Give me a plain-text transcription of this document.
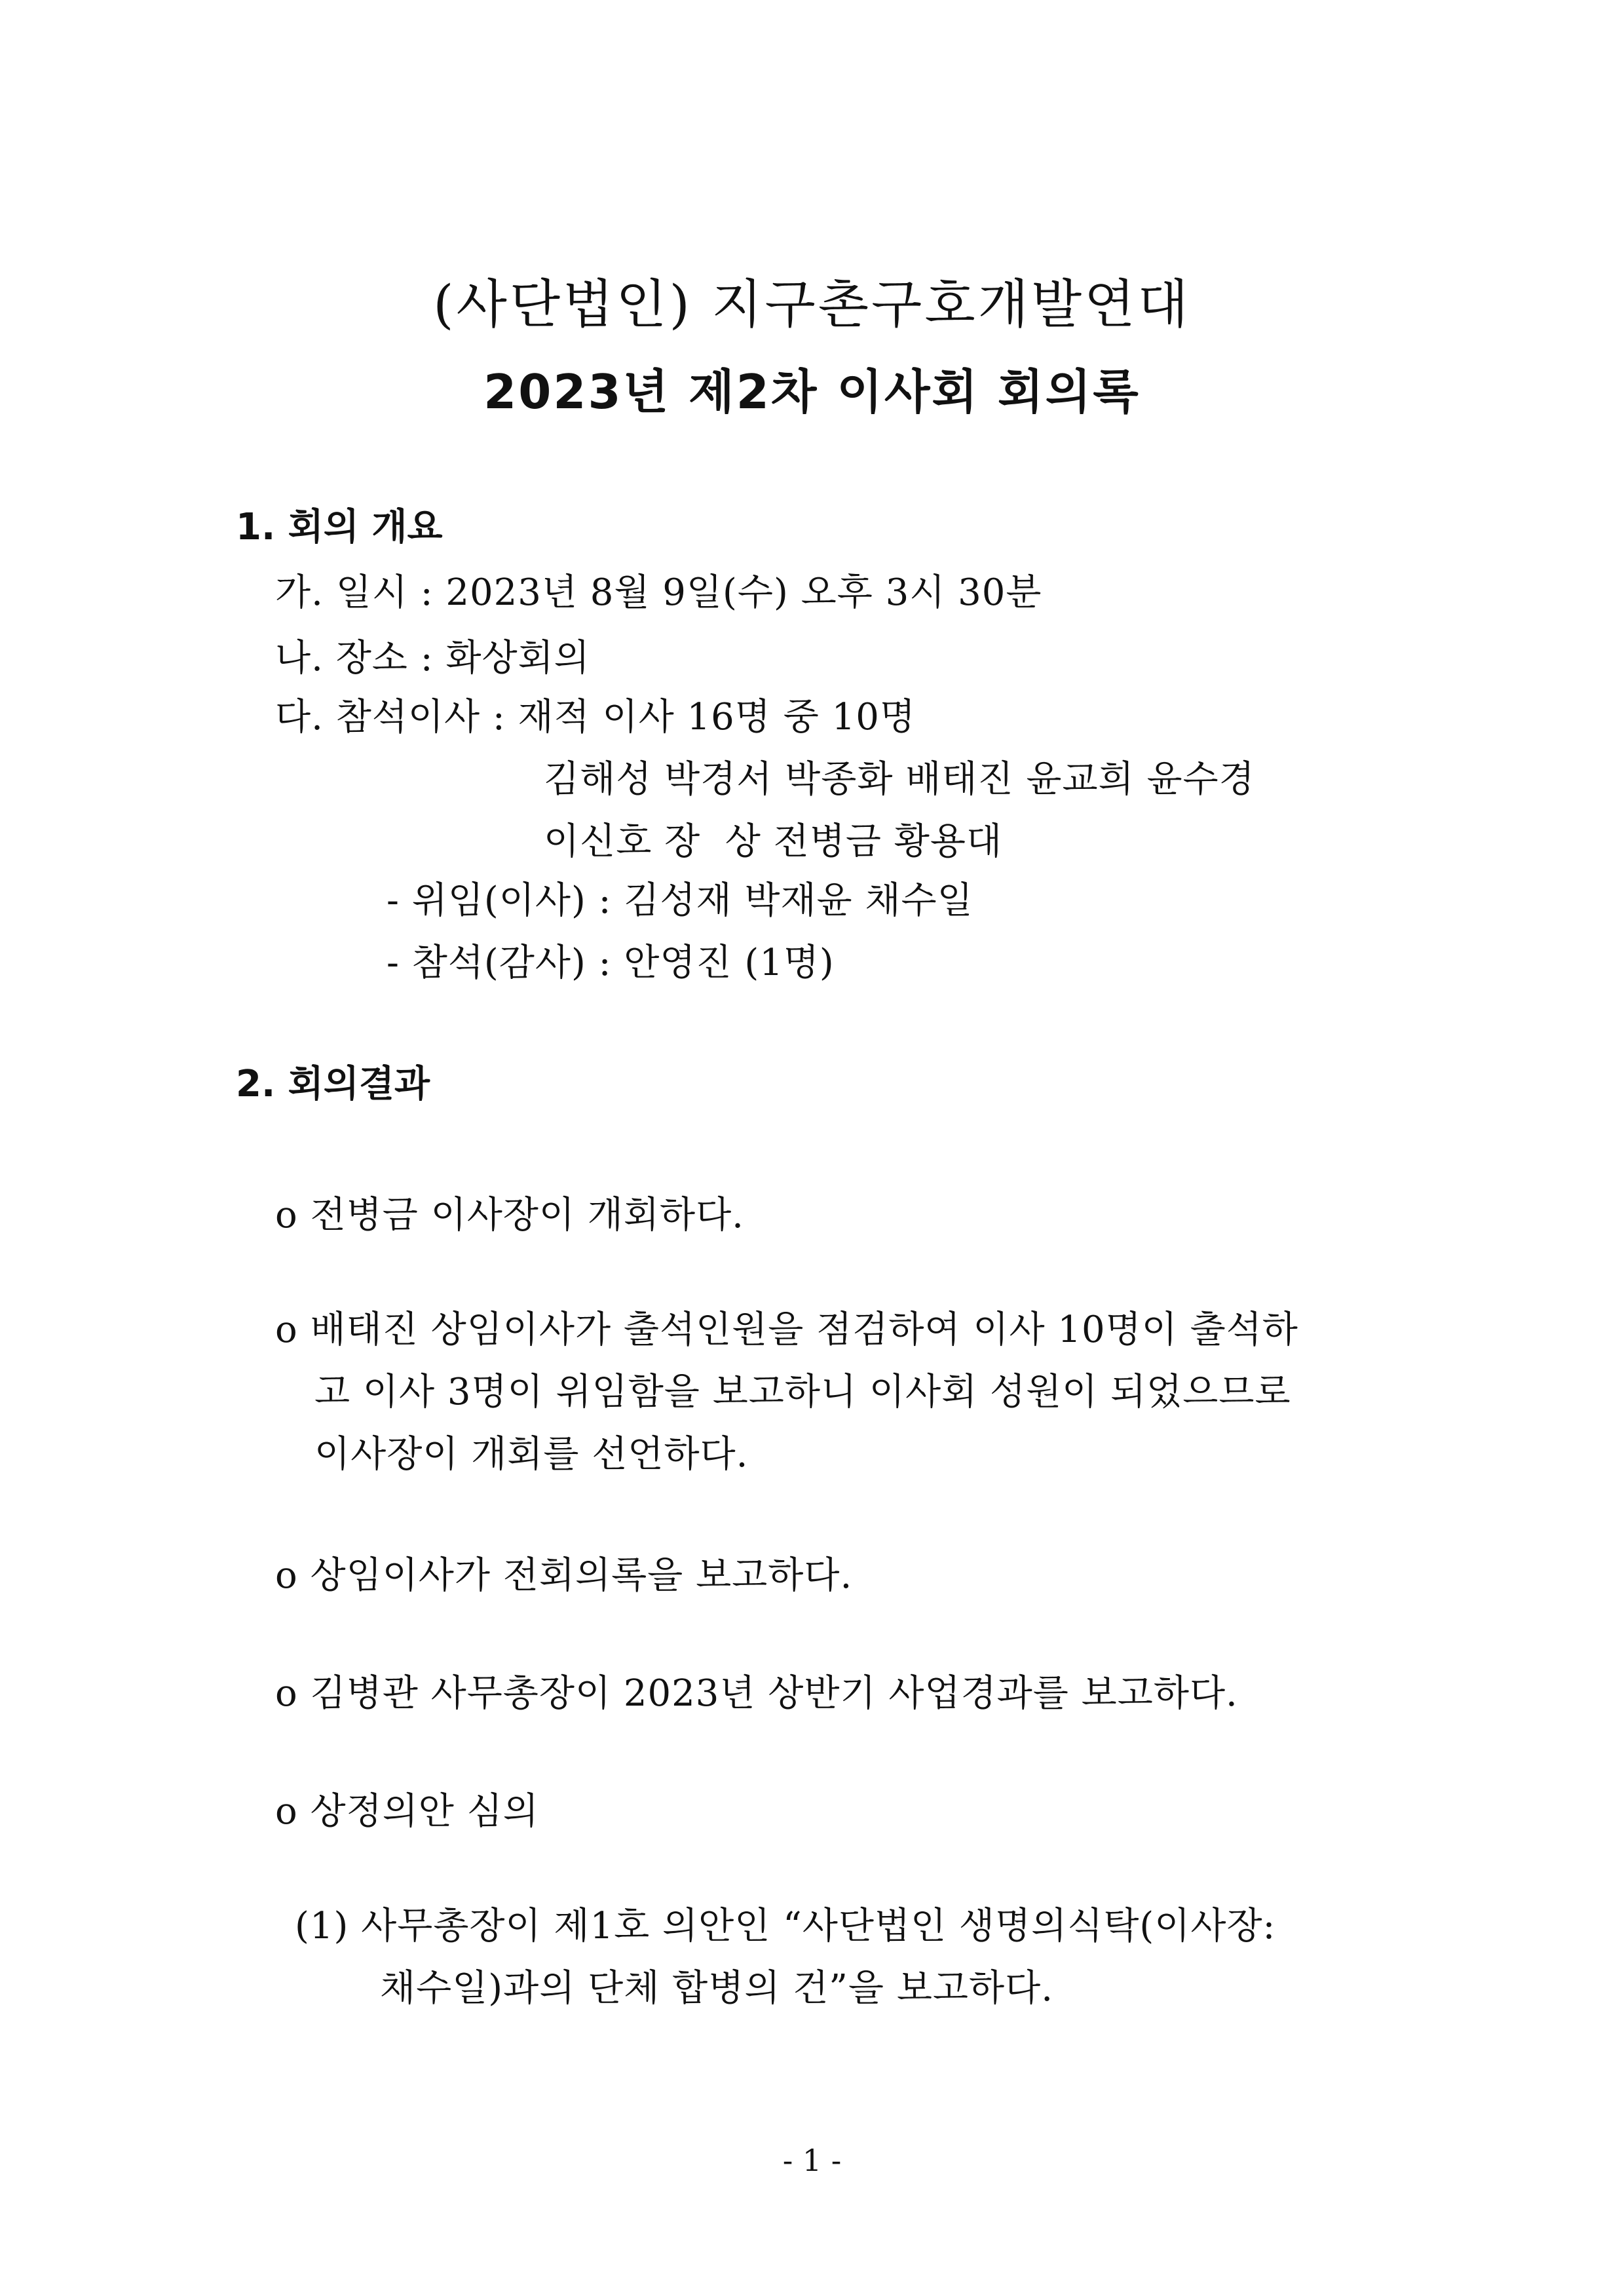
(사단법인) 지구촌구호개발연대
2023년 제2차 이사회 회의록
1. 회의 개요
가. 일시 : 2023년 8월 9일(수) 오후 3시 30분
나. 장소 : 화상회의
다. 참석이사 : 재적 이사 16명 중 10명
김해성 박경서 박종화 배태진 윤교희 윤수경
이신호 장  상 전병금 황용대
- 위임(이사) : 김성재 박재윤 채수일
- 참석(감사) : 안영진 (1명)
2. 회의결과
o 전병금 이사장이 개회하다.
o 배태진 상임이사가 출석인원을 점검하여 이사 10명이 출석하
고 이사 3명이 위임함을 보고하니 이사회 성원이 되었으므로
이사장이 개회를 선언하다.
o 상임이사가 전회의록을 보고하다.
o 김병관 사무총장이 2023년 상반기 사업경과를 보고하다.
o 상정의안 심의
(1) 사무총장이 제1호 의안인 “사단법인 생명의식탁(이사장:
채수일)과의 단체 합병의 건”을 보고하다.
- 1 -
